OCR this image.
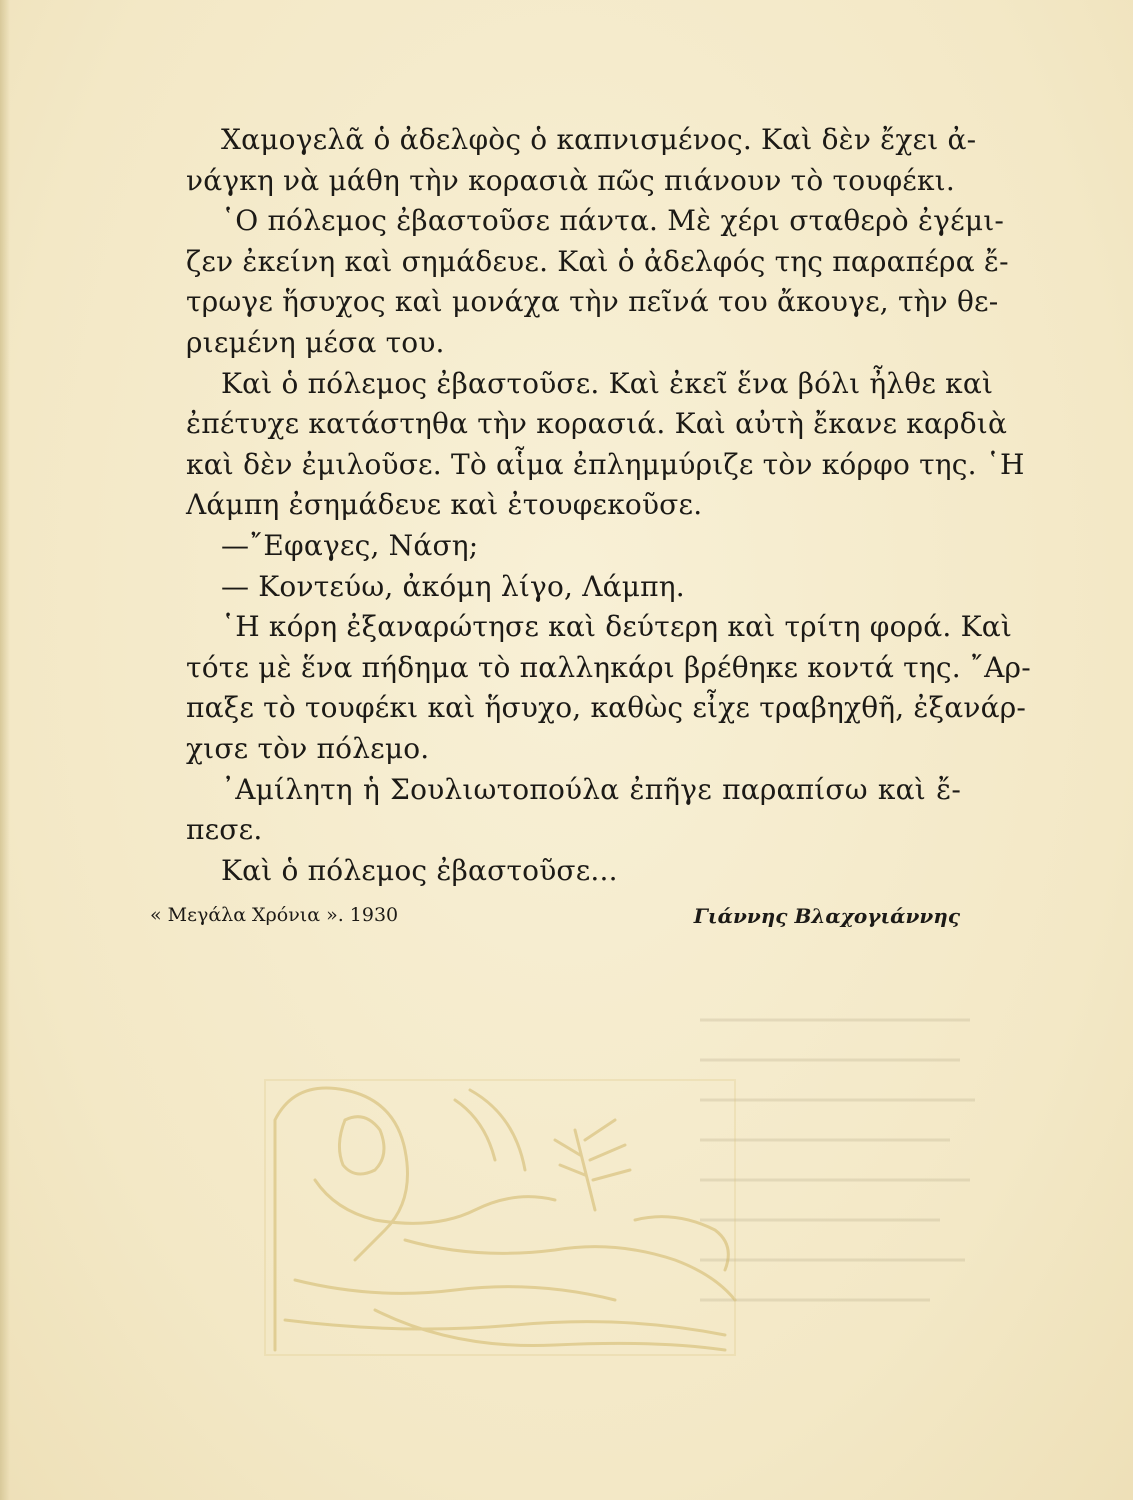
Χαμογελᾶ ὁ ἀδελφὸς ὁ καπνισμένος. Καὶ δὲν ἔχει ἀ-
νάγκη νὰ μάθη τὴν κορασιὰ πῶς πιάνουν τὸ τουφέκι.
῾Ο πόλεμος ἐβαστοῦσε πάντα. Μὲ χέρι σταθερὸ ἐγέμι-
ζεν ἐκείνη καὶ σημάδευε. Καὶ ὁ ἀδελφός της παραπέρα ἔ-
τρωγε ἥσυχος καὶ μονάχα τὴν πεῖνά του ἄκουγε, τὴν θε-
ριεμένη μέσα του.
Καὶ ὁ πόλεμος ἐβαστοῦσε. Καὶ ἐκεῖ ἕνα βόλι ἦλθε καὶ
ἐπέτυχε κατάστηθα τὴν κορασιά. Καὶ αὐτὴ ἔκανε καρδιὰ
καὶ δὲν ἐμιλοῦσε. Τὸ αἷμα ἐπλημμύριζε τὸν κόρφο της. ῾Η
Λάμπη ἐσημάδευε καὶ ἐτουφεκοῦσε.
—῎Εφαγες, Νάση;
— Κοντεύω, ἀκόμη λίγο, Λάμπη.
῾Η κόρη ἐξαναρώτησε καὶ δεύτερη καὶ τρίτη φορά. Καὶ
τότε μὲ ἕνα πήδημα τὸ παλληκάρι βρέθηκε κοντά της. ῎Αρ-
παξε τὸ τουφέκι καὶ ἥσυχο, καθὼς εἶχε τραβηχθῆ, ἐξανάρ-
χισε τὸν πόλεμο.
᾿Αμίλητη ἡ Σουλιωτοπούλα ἐπῆγε παραπίσω καὶ ἔ-
πεσε.
Καὶ ὁ πόλεμος ἐβαστοῦσε...
« Μεγάλα Χρόνια ». 1930	Γιάννης Βλαχογιάννης
